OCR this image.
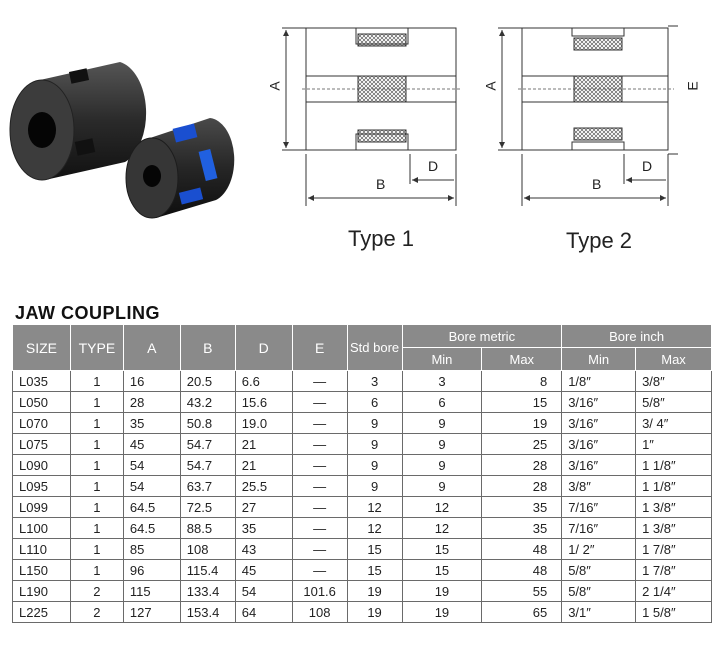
A
B
D
Type 1
A	E
B
D
Type 2
JAW COUPLING
SIZE	TYPE	A	B	D	E	Std bore	Bore metric		Bore inch	
							Min	Max	Min	Max
L035	1	16	20.5	6.6	—	3	3	8	1/8″	3/8″
L050	1	28	43.2	15.6	—	6	6	15	3/16″	5/8″
L070	1	35	50.8	19.0	—	9	9	19	3/16″	3/ 4″
L075	1	45	54.7	21	—	9	9	25	3/16″	1″
L090	1	54	54.7	21	—	9	9	28	3/16″	1 1/8″
L095	1	54	63.7	25.5	—	9	9	28	3/8″	1 1/8″
L099	1	64.5	72.5	27	—	12	12	35	7/16″	1 3/8″
L100	1	64.5	88.5	35	—	12	12	35	7/16″	1 3/8″
L110	1	85	108	43	—	15	15	48	1/ 2″	1 7/8″
L150	1	96	115.4	45	—	15	15	48	5/8″	1 7/8″
L190	2	115	133.4	54	101.6	19	19	55	5/8″	2 1/4″
L225	2	127	153.4	64	108	19	19	65	3/1″	1 5/8″
